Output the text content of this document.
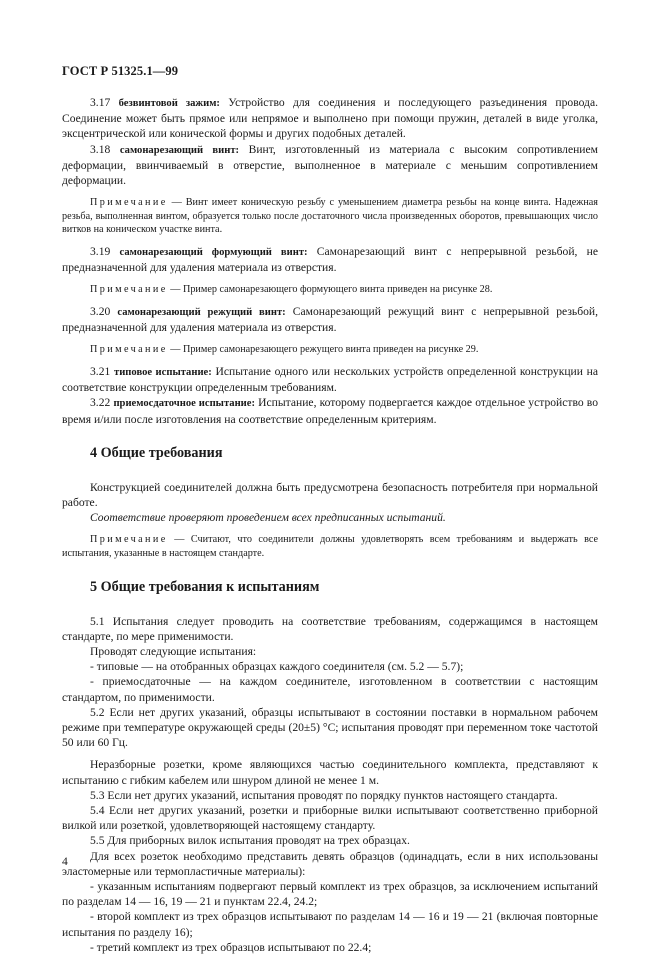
ГОСТ Р 51325.1—99

3.17 безвинтовой зажим: Устройство для соединения и последующего разъединения провода. Соединение может быть прямое или непрямое и выполнено при помощи пружин, деталей в виде уголка, эксцентрической или конической формы и других подобных деталей.

3.18 самонарезающий винт: Винт, изготовленный из материала с высоким сопротивлением деформации, ввинчиваемый в отверстие, выполненное в материале с меньшим сопротивлением деформации.

Примечание — Винт имеет коническую резьбу с уменьшением диаметра резьбы на конце винта. Надежная резьба, выполненная винтом, образуется только после достаточного числа произведенных оборотов, превышающих число витков на коническом участке винта.

3.19 самонарезающий формующий винт: Самонарезающий винт с непрерывной резьбой, не предназначенной для удаления материала из отверстия.

Примечание — Пример самонарезающего формующего винта приведен на рисунке 28.

3.20 самонарезающий режущий винт: Самонарезающий режущий винт с непрерывной резьбой, предназначенной для удаления материала из отверстия.

Примечание — Пример самонарезающего режущего винта приведен на рисунке 29.

3.21 типовое испытание: Испытание одного или нескольких устройств определенной конструкции на соответствие конструкции определенным требованиям.

3.22 приемосдаточное испытание: Испытание, которому подвергается каждое отдельное устройство во время и/или после изготовления на соответствие определенным критериям.

4 Общие требования

Конструкцией соединителей должна быть предусмотрена безопасность потребителя при нормальной работе.

Соответствие проверяют проведением всех предписанных испытаний.

Примечание — Считают, что соединители должны удовлетворять всем требованиям и выдержать все испытания, указанные в настоящем стандарте.

5 Общие требования к испытаниям

5.1 Испытания следует проводить на соответствие требованиям, содержащимся в настоящем стандарте, по мере применимости.

Проводят следующие испытания:

- типовые — на отобранных образцах каждого соединителя (см. 5.2 — 5.7);

- приемосдаточные — на каждом соединителе, изготовленном в соответствии с настоящим стандартом, по применимости.

5.2 Если нет других указаний, образцы испытывают в состоянии поставки в нормальном рабочем режиме при температуре окружающей среды (20±5) °С; испытания проводят при переменном токе частотой 50 или 60 Гц.

Неразборные розетки, кроме являющихся частью соединительного комплекта, представляют к испытанию с гибким кабелем или шнуром длиной не менее 1 м.

5.3 Если нет других указаний, испытания проводят по порядку пунктов настоящего стандарта.

5.4 Если нет других указаний, розетки и приборные вилки испытывают соответственно приборной вилкой или розеткой, удовлетворяющей настоящему стандарту.

5.5 Для приборных вилок испытания проводят на трех образцах.

Для всех розеток необходимо представить девять образцов (одинадцать, если в них использованы эластомерные или термопластичные материалы):

- указанным испытаниям подвергают первый комплект из трех образцов, за исключением испытаний по разделам 14 — 16, 19 — 21 и пунктам 22.4, 24.2;

- второй комплект из трех образцов испытывают по разделам 14 — 16 и 19 — 21 (включая повторные испытания по разделу 16);

- третий комплект из трех образцов испытывают по 22.4;

4
